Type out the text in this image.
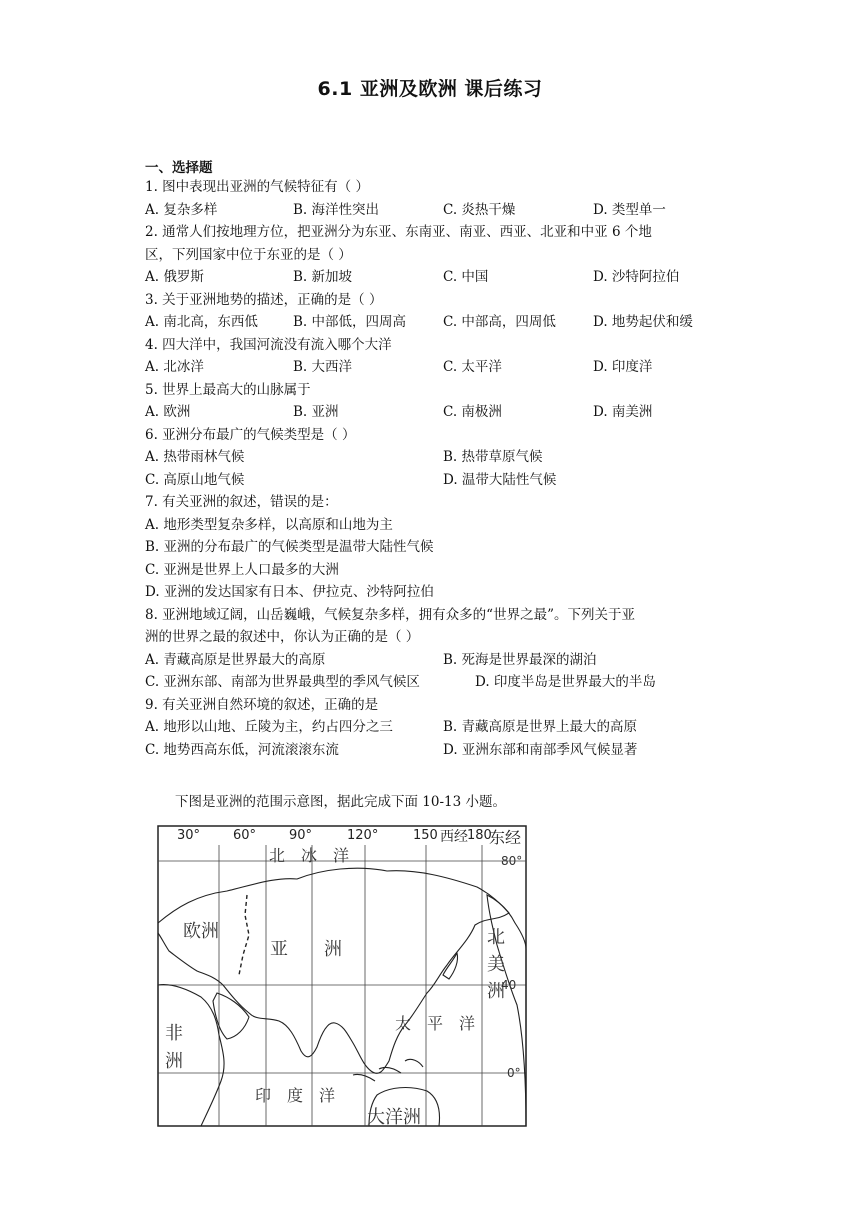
6.1 亚洲及欧洲 课后练习
一、选择题
1. 图中表现出亚洲的气候特征有（ ）
A. 复杂多样	B. 海洋性突出	C. 炎热干燥	D. 类型单一
2. 通常人们按地理方位，把亚洲分为东亚、东南亚、南亚、西亚、北亚和中亚 6 个地
区，下列国家中位于东亚的是（ ）
A. 俄罗斯	B. 新加坡	C. 中国	D. 沙特阿拉伯
3. 关于亚洲地势的描述，正确的是（ ）
A. 南北高，东西低	B. 中部低，四周高	C. 中部高，四周低	D. 地势起伏和缓
4. 四大洋中，我国河流没有流入哪个大洋
A. 北冰洋	B. 大西洋	C. 太平洋	D. 印度洋
5. 世界上最高大的山脉属于
A. 欧洲	B. 亚洲	C. 南极洲	D. 南美洲
6. 亚洲分布最广的气候类型是（ ）
A. 热带雨林气候	B. 热带草原气候
C. 高原山地气候	D. 温带大陆性气候
7. 有关亚洲的叙述，错误的是：
A. 地形类型复杂多样，以高原和山地为主
B. 亚洲的分布最广的气候类型是温带大陆性气候
C. 亚洲是世界上人口最多的大洲
D. 亚洲的发达国家有日本、伊拉克、沙特阿拉伯
8. 亚洲地域辽阔，山岳巍峨，气候复杂多样，拥有众多的“世界之最”。下列关于亚
洲的世界之最的叙述中，你认为正确的是（ ）
A. 青藏高原是世界最大的高原	B. 死海是世界最深的湖泊
C. 亚洲东部、南部为世界最典型的季风气候区	D. 印度半岛是世界最大的半岛
9. 有关亚洲自然环境的叙述，正确的是
A. 地形以山地、丘陵为主，约占四分之三	B. 青藏高原是世界上最大的高原
C. 地势西高东低，河流滚滚东流	D. 亚洲东部和南部季风气候显著
下图是亚洲的范围示意图，据此完成下面 10-13 小题。
30°	60°	90°	120°	150 西经 180
东经
80°
40
0°
北　冰　洋
欧洲
亚　　洲
北
美
洲
非
洲
太　平　洋
印　度　洋
大洋洲
